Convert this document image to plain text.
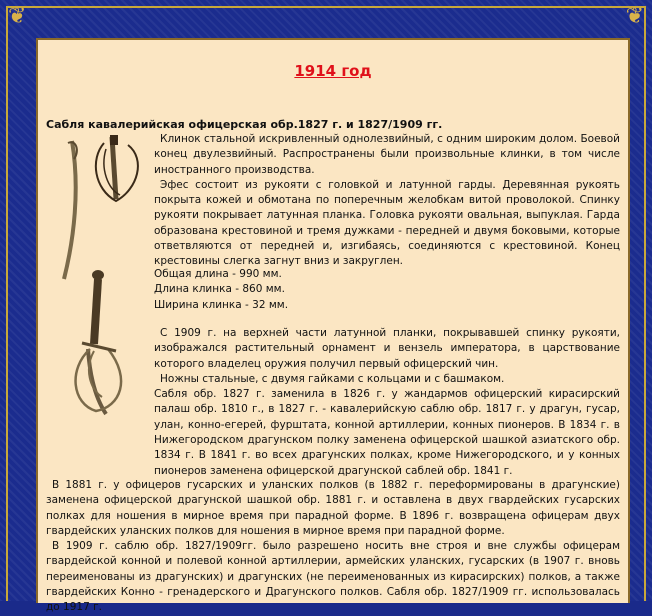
❦	❦
1914 год
Сабля кавалерийская офицерская обр.1827 г. и 1827/1909 гг.

Клинок стальной искривленный однолезвийный, с одним широким долом. Боевой конец двулезвийный. Распространены были произвольные клинки, в том числе иностранного производства.

Эфес состоит из рукояти с головкой и латунной гарды. Деревянная рукоять покрыта кожей и обмотана по поперечным желобкам витой проволокой. Спинку рукояти покрывает латунная планка. Головка рукояти овальная, выпуклая. Гарда образована крестовиной и тремя дужками - передней и двумя боковыми, которые ответвляются от передней и, изгибаясь, соединяются с крестовиной. Конец крестовины слегка загнут вниз и закруглен.

Общая длина - 990 мм.

Длина клинка - 860 мм.

Ширина клинка - 32 мм.

С 1909 г. на верхней части латунной планки, покрывавшей спинку рукояти, изображался растительный орнамент и вензель императора, в царствование которого владелец оружия получил первый офицерский чин.

Ножны стальные, с двумя гайками с кольцами и с башмаком.

Сабля обр. 1827 г. заменила в 1826 г. у жандармов офицерский кирасирский палаш обр. 1810 г., в 1827 г. - кавалерийскую саблю обр. 1817 г. у драгун, гусар, улан, конно-егерей, фурштата, конной артиллерии, конных пионеров. В 1834 г. в Нижегородском драгунском полку заменена офицерской шашкой азиатского обр. 1834 г. В 1841 г. во всех драгунских полках, кроме Нижегородского, и у конных пионеров заменена офицерской драгунской саблей обр. 1841 г.

В 1881 г. у офицеров гусарских и уланских полков (в 1882 г. переформированы в драгунские) заменена офицерской драгунской шашкой обр. 1881 г. и оставлена в двух гвардейских гусарских полках для ношения в мирное время при парадной форме. В 1896 г. возвращена офицерам двух гвардейских уланских полков для ношения в мирное время при парадной форме.

В 1909 г. саблю обр. 1827/1909гг. было разрешено носить вне строя и вне службы офицерам гвардейской конной и полевой конной артиллерии, армейских уланских, гусарских (в 1907 г. вновь переименованы из драгунских) и драгунских (не переименованных из кирасирских) полков, а также гвардейских Конно - гренадерского и Драгунского полков. Сабля обр. 1827/1909 гг. использовалась до 1917 г.
